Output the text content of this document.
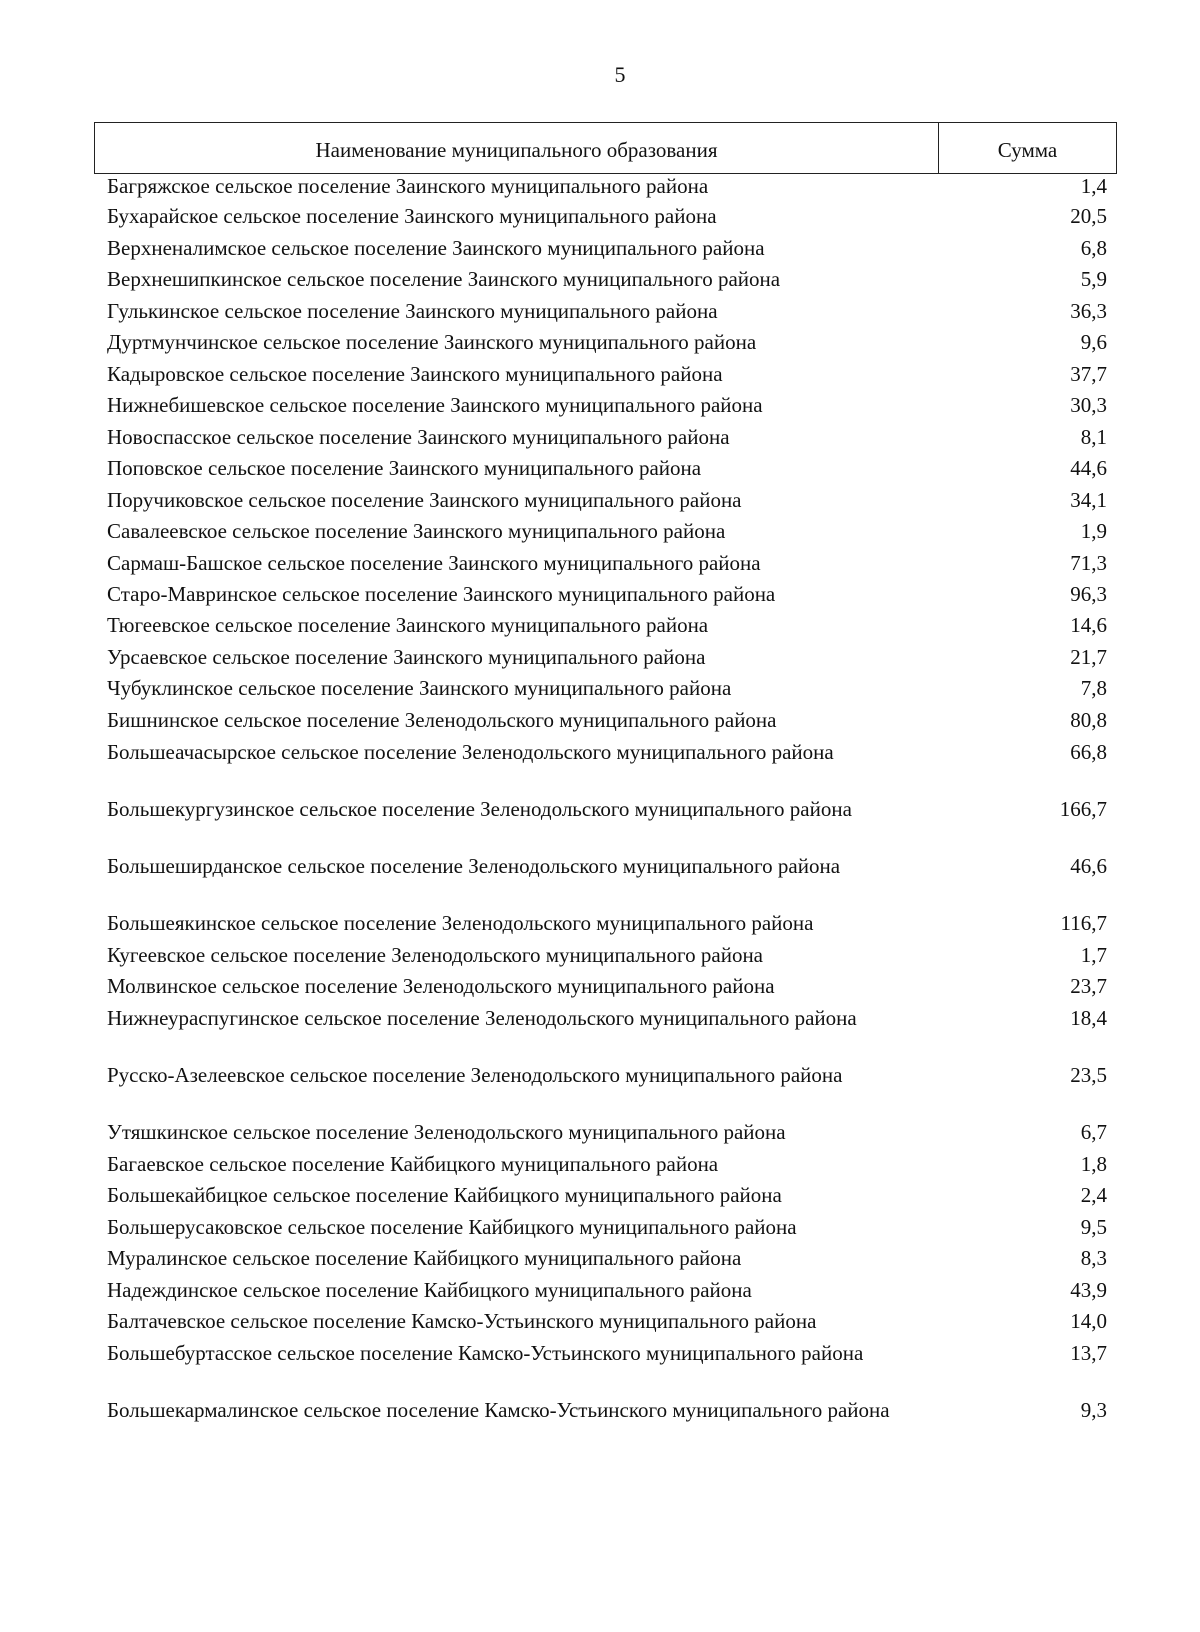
5
Наименование муниципального образования	Сумма
Багряжское сельское поселение Заинского муниципального района	1,4
Бухарайское сельское поселение Заинского муниципального района	20,5
Верхненалимское сельское поселение Заинского муниципального района	6,8
Верхнешипкинское сельское поселение Заинского муниципального района	5,9
Гулькинское сельское поселение Заинского муниципального района	36,3
Дуртмунчинское сельское поселение Заинского муниципального района	9,6
Кадыровское сельское поселение Заинского муниципального района	37,7
Нижнебишевское сельское поселение Заинского муниципального района	30,3
Новоспасское сельское поселение Заинского муниципального района	8,1
Поповское сельское поселение Заинского муниципального района	44,6
Поручиковское сельское поселение Заинского муниципального района	34,1
Савалеевское сельское поселение Заинского муниципального района	1,9
Сармаш-Башское сельское поселение Заинского муниципального района	71,3
Старо-Мавринское сельское поселение Заинского муниципального района	96,3
Тюгеевское сельское поселение Заинского муниципального района	14,6
Урсаевское сельское поселение Заинского муниципального района	21,7
Чубуклинское сельское поселение Заинского муниципального района	7,8
Бишнинское сельское поселение Зеленодольского муниципального района	80,8
Большеачасырское сельское поселение Зеленодольского муниципального района	66,8
Большекургузинское сельское поселение Зеленодольского муниципального района	166,7
Большеширданское сельское поселение Зеленодольского муниципального района	46,6
Большеякинское сельское поселение Зеленодольского муниципального района	116,7
Кугеевское сельское поселение Зеленодольского муниципального района	1,7
Молвинское сельское поселение Зеленодольского муниципального района	23,7
Нижнеураспугинское сельское поселение Зеленодольского муниципального района	18,4
Русско-Азелеевское сельское поселение Зеленодольского муниципального района	23,5
Утяшкинское сельское поселение Зеленодольского муниципального района	6,7
Багаевское сельское поселение Кайбицкого муниципального района	1,8
Большекайбицкое сельское поселение Кайбицкого муниципального района	2,4
Большерусаковское сельское поселение Кайбицкого муниципального района	9,5
Муралинское сельское поселение Кайбицкого муниципального района	8,3
Надеждинское сельское поселение Кайбицкого муниципального района	43,9
Балтачевское сельское поселение Камско-Устьинского муниципального района	14,0
Большебуртасское сельское поселение Камско-Устьинского муниципального района	13,7
Большекармалинское сельское поселение Камско-Устьинского муниципального района	9,3
